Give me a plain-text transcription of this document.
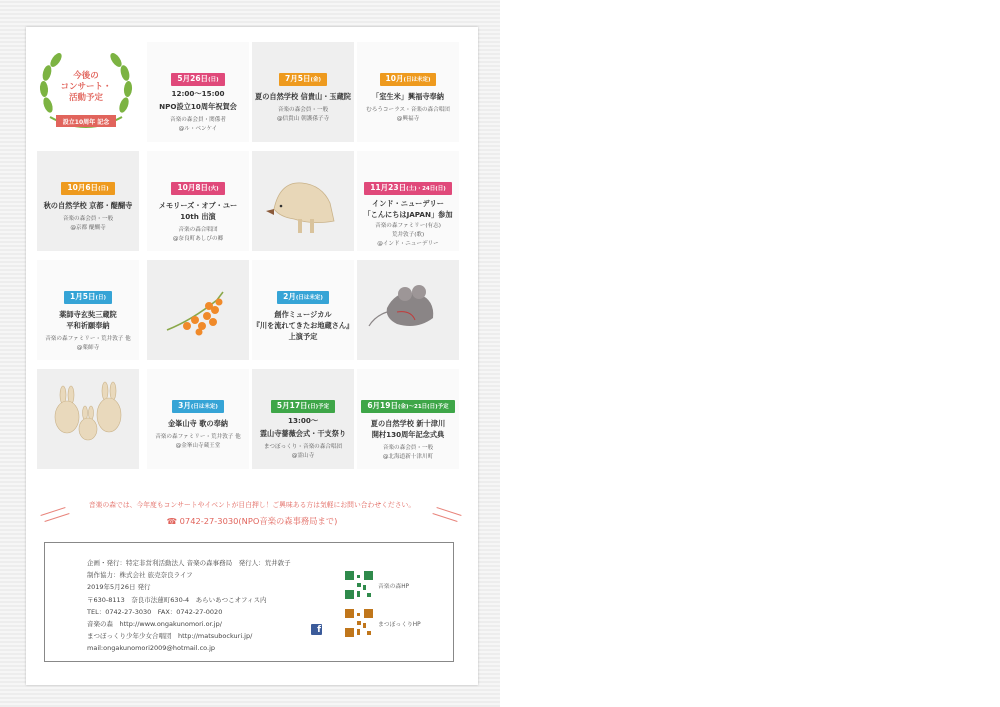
今後の
コンサート・
活動予定
設立10周年 記念
5月26日(日)
12:00〜15:00
NPO設立10周年祝賀会
音楽の森会員・関係者
@ル・ベンケイ
7月5日(金)
夏の自然学校 信貴山・玉蔵院
音楽の森会員・一般
@信貴山 朝護孫子寺
10月(日は未定)
「室生米」興福寺奉納
むろうコーラス・音楽の森合唱団
@興福寺
10月6日(日)
秋の自然学校 京都・醍醐寺
音楽の森会員・一般
@京都 醍醐寺
10月8日(火)
メモリーズ・オブ・ユー
10th 出演
音楽の森合唱団
@奈良町あしびの郷
11月23日(土)・24日(日)
インド・ニューデリー
「こんにちはJAPAN」参加
音楽の森ファミリー(有志)
荒井敦子(歌)
@インド・ニューデリー
1月5日(日)
薬師寺玄奘三蔵院
平和祈願奉納
音楽の森ファミリー・荒井敦子 他
@薬師寺
2月(日は未定)
創作ミュージカル
『川を流れてきたお地蔵さん』
上演予定
3月(日は未定)
金峯山寺 歌の奉納
音楽の森ファミリー・荒井敦子 他
@金峯山寺蔵王堂
5月17日(日)予定
13:00〜
霊山寺薔薇会式・干支祭り
まつぼっくり・音楽の森合唱団
@霊山寺
6月19日(金)〜21日(日)予定
夏の自然学校 新十津川
開村130周年記念式典
音楽の森会員・一般
@北海道新十津川町
音楽の森では、今年度もコンサートやイベントが目白押し！ご興味ある方は気軽にお問い合わせください。
☎ 0742-27-3030(NPO音楽の森事務局まで)
企画・発行：特定非営利活動法人 音楽の森事務局　発行人：荒井敦子
制作協力：株式会社 旅売奈良ライフ
2019年5月26日 発行
〒630-8113　奈良市法蓮町630-4　あらいあつこオフィス内
TEL：0742-27-3030　FAX：0742-27-0020
音楽の森　http://www.ongakunomori.or.jp/
まつぼっくり少年少女合唱団　http://matsubockuri.jp/
mail:ongakunomori2009@hotmail.co.jp
音楽の森HP
まつぼっくりHP
f
